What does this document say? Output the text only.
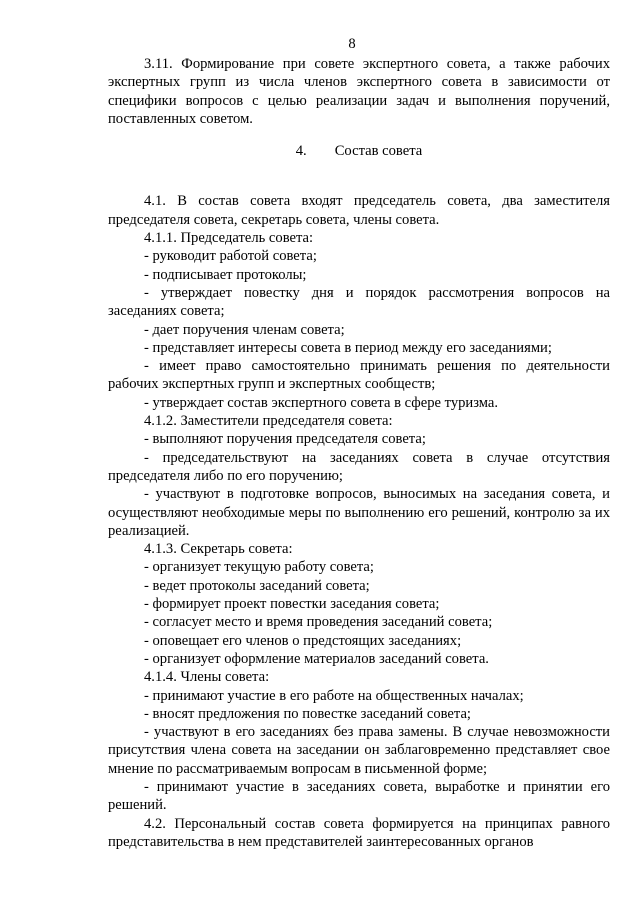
8

3.11. Формирование при совете экспертного совета, а также рабочих экспертных групп из числа членов экспертного совета в зависимости от специфики вопросов с целью реализации задач и выполнения поручений, поставленных советом.

4. Состав совета

4.1. В состав совета входят председатель совета, два заместителя председателя совета, секретарь совета, члены совета.

4.1.1. Председатель совета:

- руководит работой совета;

- подписывает протоколы;

- утверждает повестку дня и порядок рассмотрения вопросов на заседаниях совета;

- дает поручения членам совета;

- представляет интересы совета в период между его заседаниями;

- имеет право самостоятельно принимать решения по деятельности рабочих экспертных групп и экспертных сообществ;

- утверждает состав экспертного совета в сфере туризма.

4.1.2. Заместители председателя совета:

- выполняют поручения председателя совета;

- председательствуют на заседаниях совета в случае отсутствия председателя либо по его поручению;

- участвуют в подготовке вопросов, выносимых на заседания совета, и осуществляют необходимые меры по выполнению его решений, контролю за их реализацией.

4.1.3. Секретарь совета:

- организует текущую работу совета;

- ведет протоколы заседаний совета;

- формирует проект повестки заседания совета;

- согласует место и время проведения заседаний совета;

- оповещает его членов о предстоящих заседаниях;

- организует оформление материалов заседаний совета.

4.1.4. Члены совета:

- принимают участие в его работе на общественных началах;

- вносят предложения по повестке заседаний совета;

- участвуют в его заседаниях без права замены. В случае невозможности присутствия члена совета на заседании он заблаговременно представляет свое мнение по рассматриваемым вопросам в письменной форме;

- принимают участие в заседаниях совета, выработке и принятии его решений.

4.2. Персональный состав совета формируется на принципах равного представительства в нем представителей заинтересованных органов
